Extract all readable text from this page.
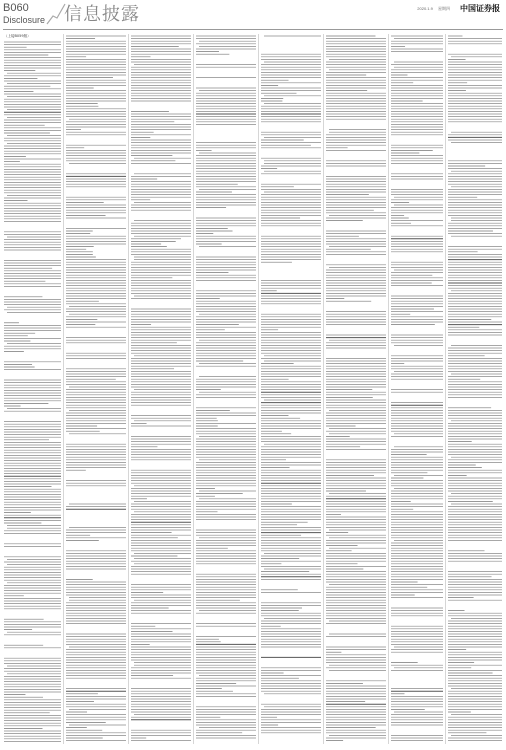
B060
Disclosure 信息披露	2020.1.9 星期四	中国证券报
（上接B059版）
